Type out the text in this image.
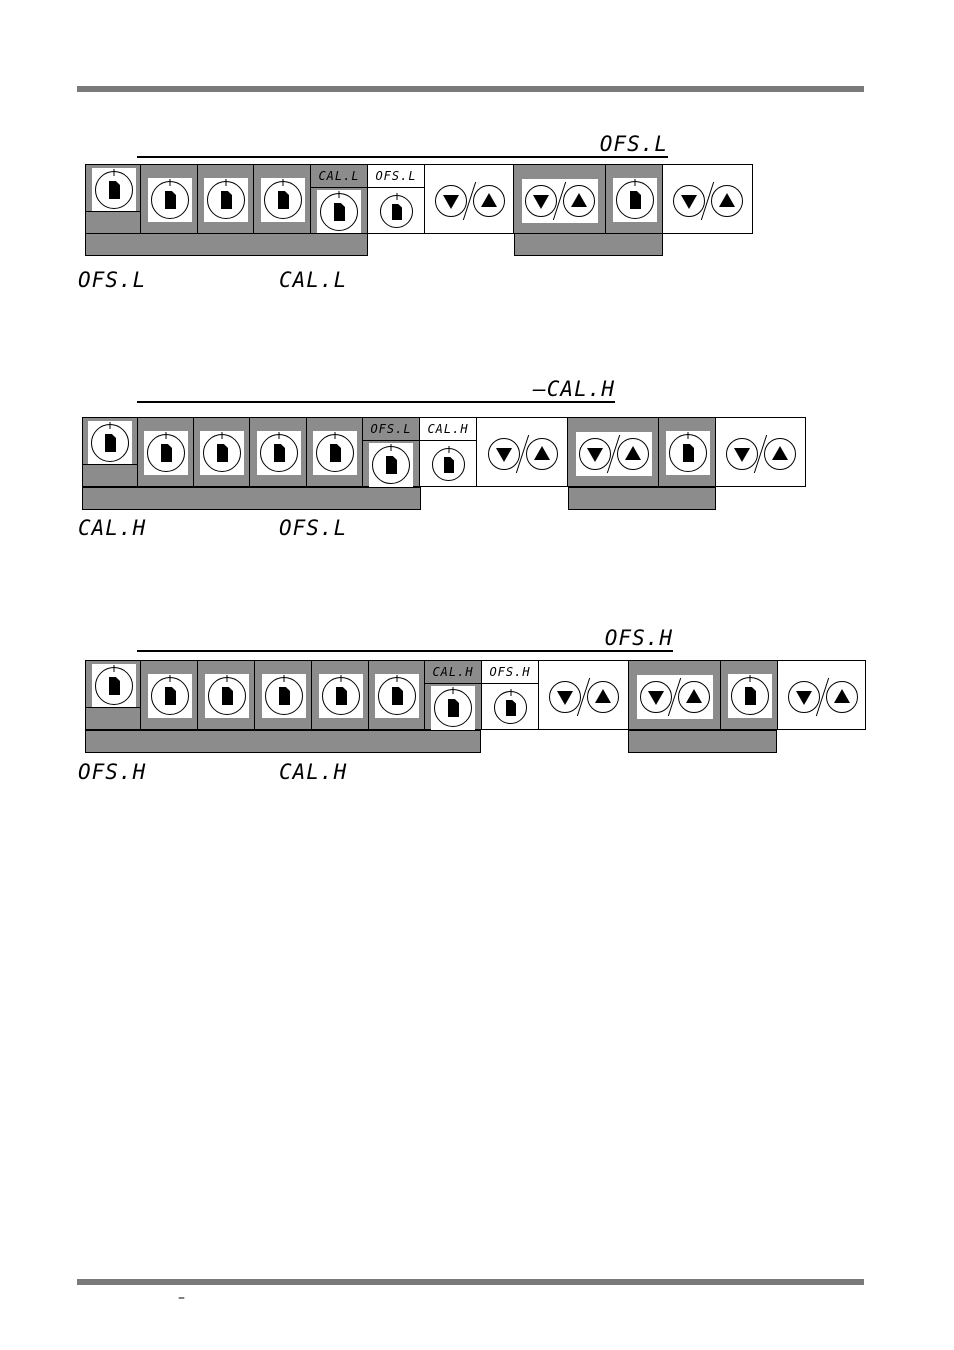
OFS.L
CAL.L OFS.L
OFS.L	CAL.L
–CAL.H
OFS.L CAL.H
CAL.H	OFS.L
OFS.H
CAL.H OFS.H
OFS.H	CAL.H
–
